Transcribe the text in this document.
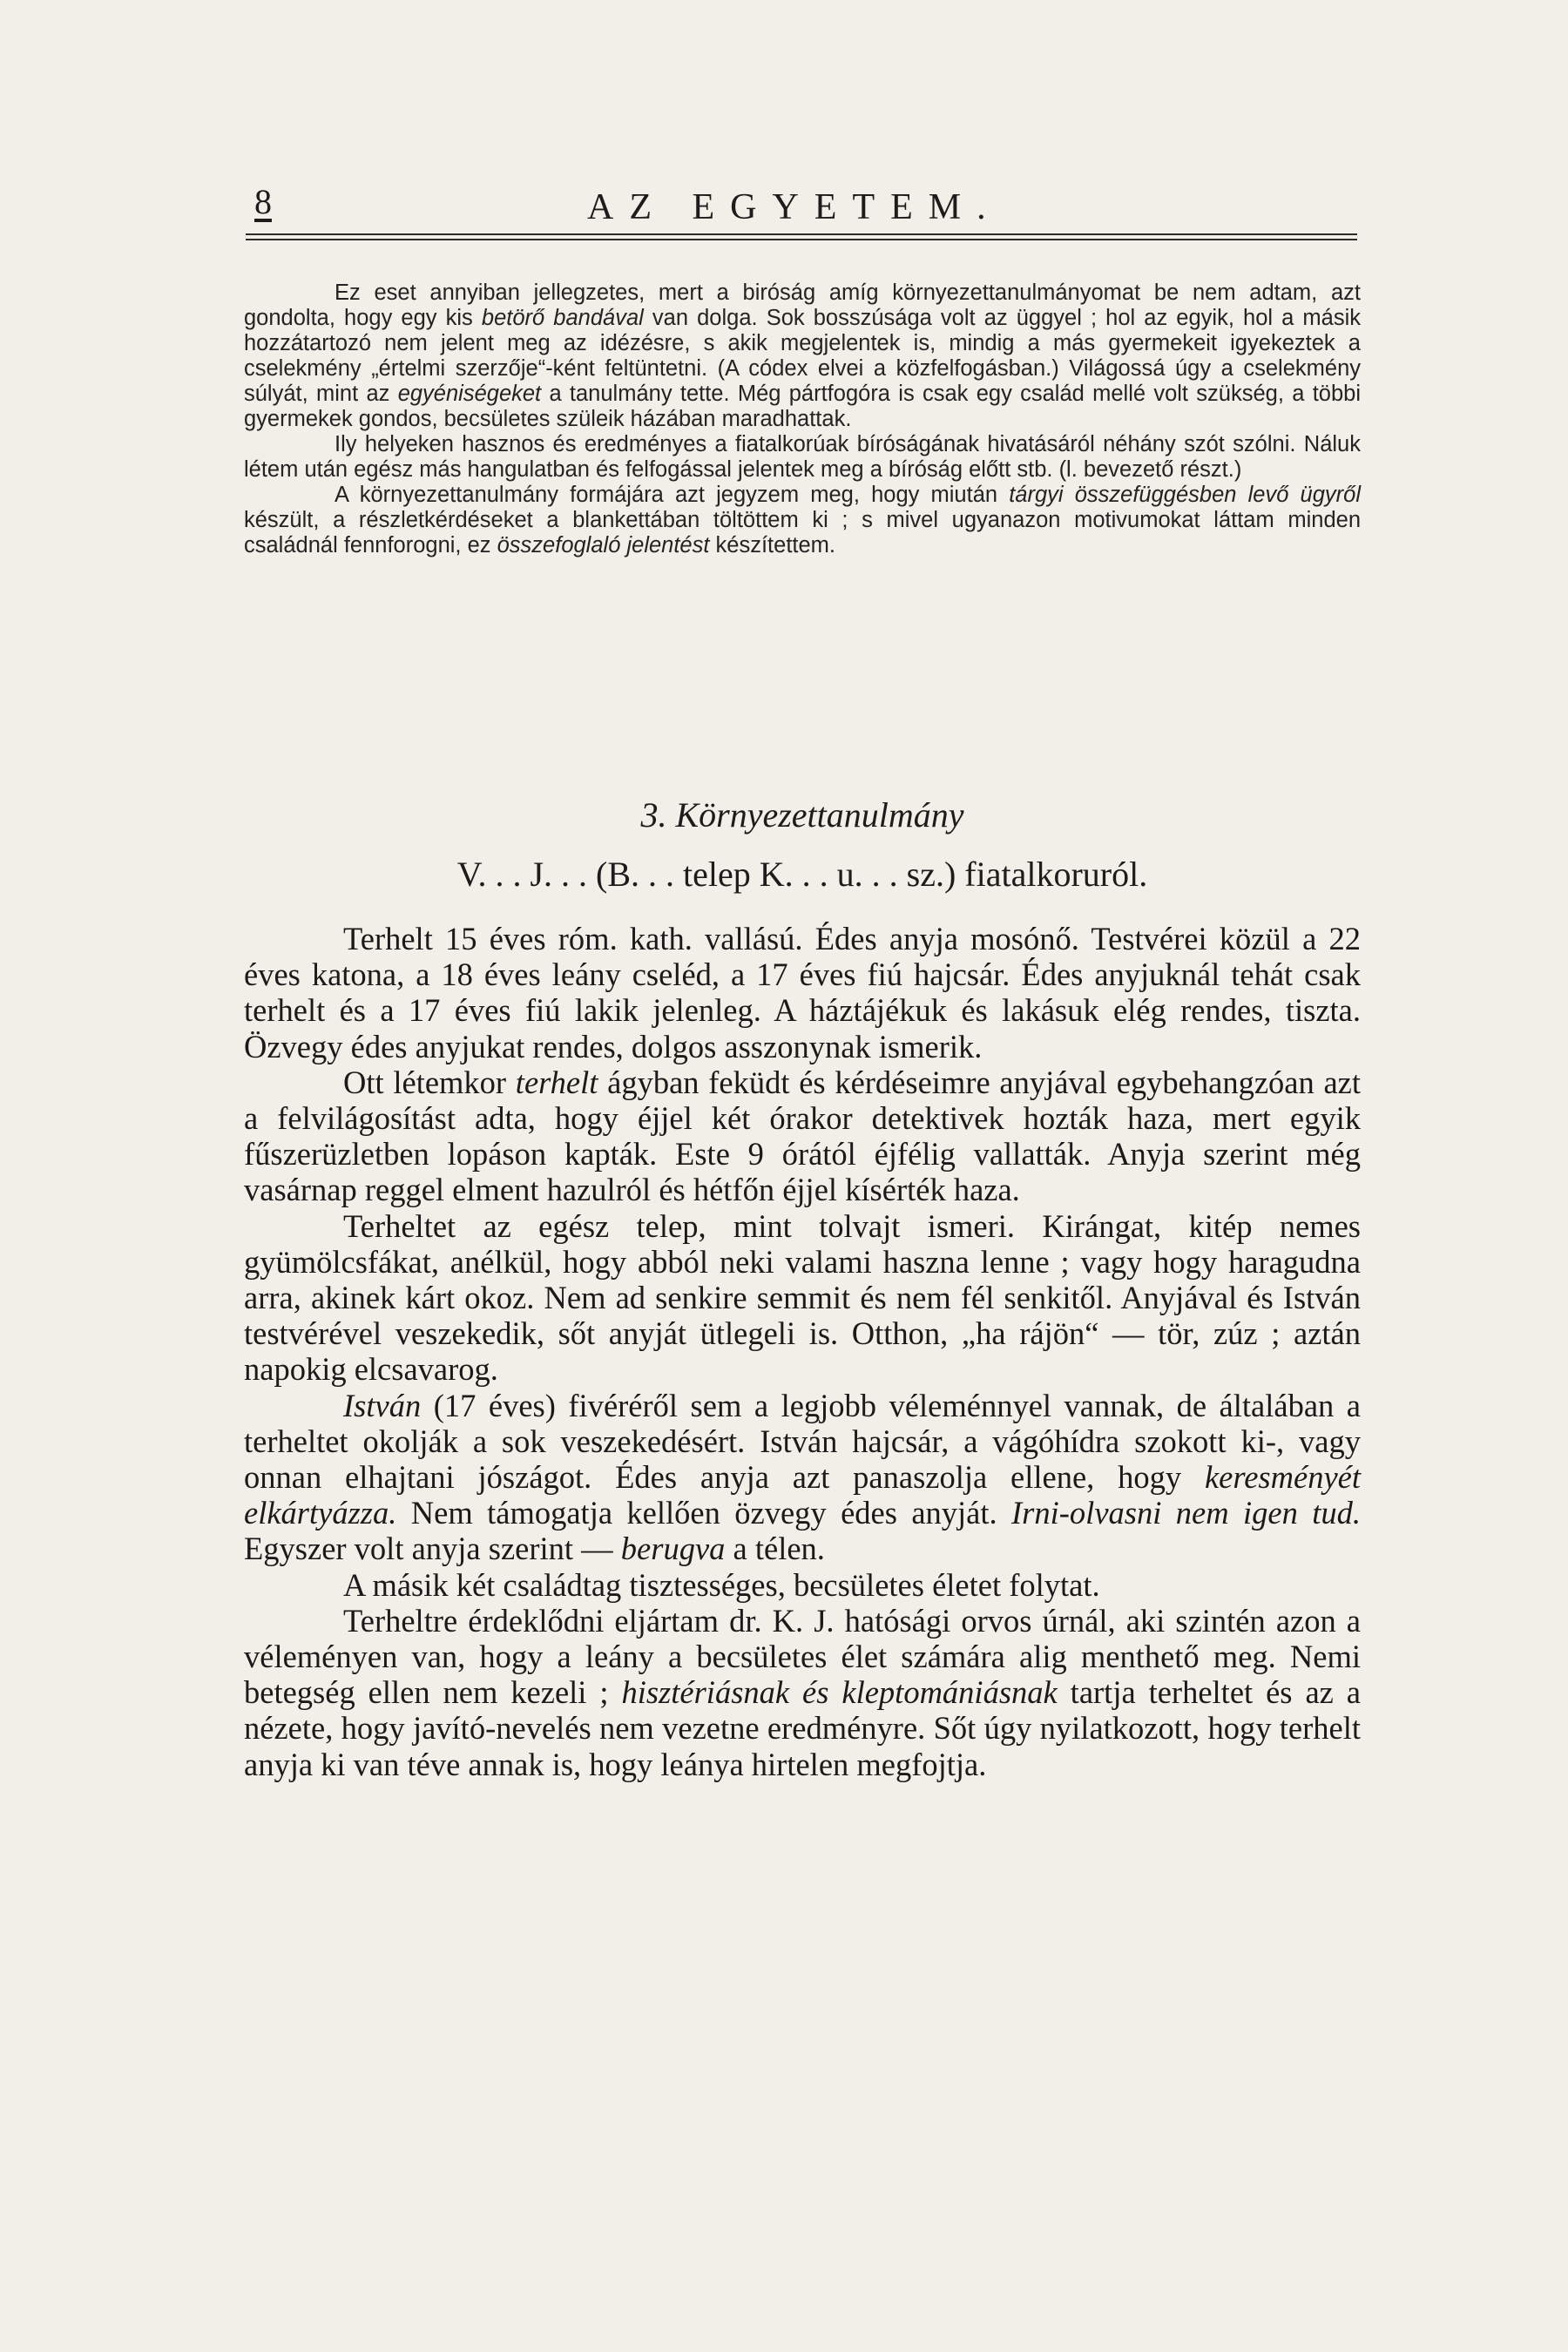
8	AZ EGYETEM.

Ez eset annyiban jellegzetes, mert a biróság amíg környezettanulmányomat be nem adtam, azt gondolta, hogy egy kis betörő bandával van dolga. Sok bosszúsága volt az üggyel ; hol az egyik, hol a másik hozzátartozó nem jelent meg az idézésre, s akik megjelentek is, mindig a más gyermekeit igyekeztek a cselekmény „értelmi szerzője“-ként feltüntetni. (A códex elvei a közfelfogásban.) Világossá úgy a cselekmény súlyát, mint az egyéniségeket a tanulmány tette. Még pártfogóra is csak egy család mellé volt szükség, a többi gyermekek gondos, becsületes szüleik házában maradhattak.

Ily helyeken hasznos és eredményes a fiatalkorúak bíróságának hivatásáról néhány szót szólni. Náluk létem után egész más hangulatban és felfogással jelentek meg a bíróság előtt stb. (l. bevezető részt.)

A környezettanulmány formájára azt jegyzem meg, hogy miután tárgyi összefüggésben levő ügyről készült, a részletkérdéseket a blankettában töltöttem ki ; s mivel ugyanazon motivumokat láttam minden családnál fennforogni, ez összefoglaló jelentést készítettem.

3. Környezettanulmány
V. . . J. . . (B. . . telep K. . . u. . . sz.) fiatalkoruról.

Terhelt 15 éves róm. kath. vallású. Édes anyja mosónő. Testvérei közül a 22 éves katona, a 18 éves leány cseléd, a 17 éves fiú hajcsár. Édes anyjuknál tehát csak terhelt és a 17 éves fiú lakik jelenleg. A háztájékuk és lakásuk elég rendes, tiszta. Özvegy édes anyjukat rendes, dolgos asszonynak ismerik.

Ott létemkor terhelt ágyban feküdt és kérdéseimre anyjával egybehangzóan azt a felvilágosítást adta, hogy éjjel két órakor detektivek hozták haza, mert egyik fűszerüzletben lopáson kapták. Este 9 órától éjfélig vallatták. Anyja szerint még vasárnap reggel elment hazulról és hétfőn éjjel kísérték haza.

Terheltet az egész telep, mint tolvajt ismeri. Kirángat, kitép nemes gyümölcsfákat, anélkül, hogy abból neki valami haszna lenne ; vagy hogy haragudna arra, akinek kárt okoz. Nem ad senkire semmit és nem fél senkitől. Anyjával és István testvérével veszekedik, sőt anyját ütlegeli is. Otthon, „ha rájön“ — tör, zúz ; aztán napokig elcsavarog.

István (17 éves) fivéréről sem a legjobb véleménnyel vannak, de általában a terheltet okolják a sok veszekedésért. István hajcsár, a vágóhídra szokott ki-, vagy onnan elhajtani jószágot. Édes anyja azt panaszolja ellene, hogy keresményét elkártyázza. Nem támogatja kellően özvegy édes anyját. Irni-olvasni nem igen tud. Egyszer volt anyja szerint — berugva a télen.

A másik két családtag tisztességes, becsületes életet folytat.

Terheltre érdeklődni eljártam dr. K. J. hatósági orvos úrnál, aki szintén azon a véleményen van, hogy a leány a becsületes élet számára alig menthető meg. Nemi betegség ellen nem kezeli ; hisztériásnak és kleptomániásnak tartja terheltet és az a nézete, hogy javító-nevelés nem vezetne eredményre. Sőt úgy nyilatkozott, hogy terhelt anyja ki van téve annak is, hogy leánya hirtelen megfojtja.
